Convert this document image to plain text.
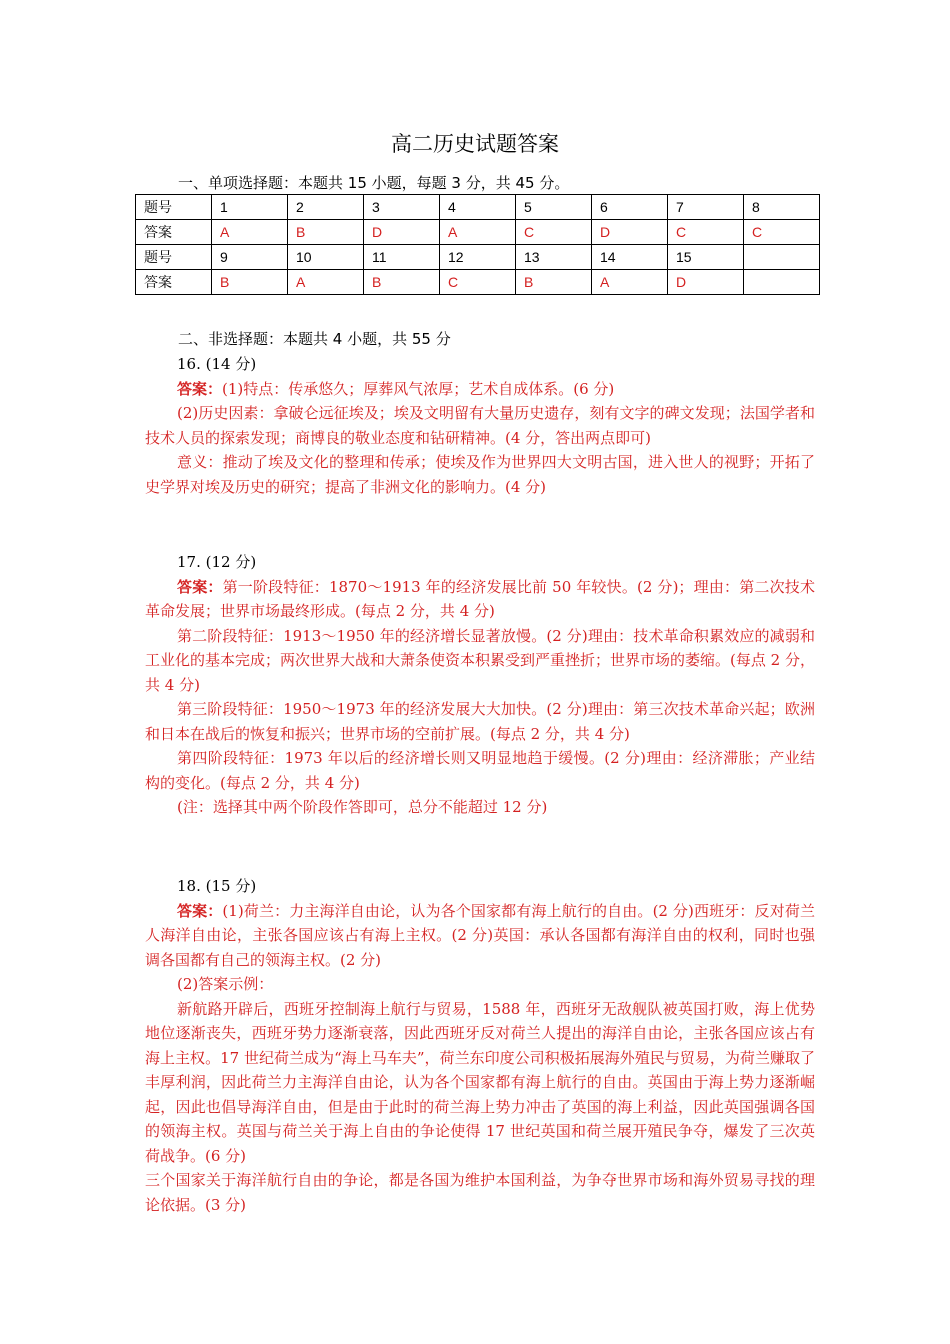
高二历史试题答案
一、单项选择题：本题共 15 小题，每题 3 分，共 45 分。
题号	1	2	3	4	5	6	7	8
答案	A	B	D	A	C	D	C	C
题号	9	10	11	12	13	14	15	
答案	B	A	B	C	B	A	D	
二、非选择题：本题共 4 小题，共 55 分

16. (14 分)

答案：(1)特点：传承悠久；厚葬风气浓厚；艺术自成体系。(6 分)

(2)历史因素：拿破仑远征埃及；埃及文明留有大量历史遗存，刻有文字的碑文发现；法国学者和技术人员的探索发现；商博良的敬业态度和钻研精神。(4 分，答出两点即可)

意义：推动了埃及文化的整理和传承；使埃及作为世界四大文明古国，进入世人的视野；开拓了史学界对埃及历史的研究；提高了非洲文化的影响力。(4 分)

17. (12 分)

答案：第一阶段特征：1870～1913 年的经济发展比前 50 年较快。(2 分)；理由：第二次技术革命发展；世界市场最终形成。(每点 2 分，共 4 分)

第二阶段特征：1913～1950 年的经济增长显著放慢。(2 分)理由：技术革命积累效应的减弱和工业化的基本完成；两次世界大战和大萧条使资本积累受到严重挫折；世界市场的萎缩。(每点 2 分，共 4 分)

第三阶段特征：1950～1973 年的经济发展大大加快。(2 分)理由：第三次技术革命兴起；欧洲和日本在战后的恢复和振兴；世界市场的空前扩展。(每点 2 分，共 4 分)

第四阶段特征：1973 年以后的经济增长则又明显地趋于缓慢。(2 分)理由：经济滞胀；产业结构的变化。(每点 2 分，共 4 分)

(注：选择其中两个阶段作答即可，总分不能超过 12 分)

18. (15 分)

答案：(1)荷兰：力主海洋自由论，认为各个国家都有海上航行的自由。(2 分)西班牙：反对荷兰人海洋自由论，主张各国应该占有海上主权。(2 分)英国：承认各国都有海洋自由的权利，同时也强调各国都有自己的领海主权。(2 分)

(2)答案示例：

新航路开辟后，西班牙控制海上航行与贸易，1588 年，西班牙无敌舰队被英国打败，海上优势地位逐渐丧失，西班牙势力逐渐衰落，因此西班牙反对荷兰人提出的海洋自由论，主张各国应该占有海上主权。17 世纪荷兰成为“海上马车夫”，荷兰东印度公司积极拓展海外殖民与贸易，为荷兰赚取了丰厚利润，因此荷兰力主海洋自由论，认为各个国家都有海上航行的自由。英国由于海上势力逐渐崛起，因此也倡导海洋自由，但是由于此时的荷兰海上势力冲击了英国的海上利益，因此英国强调各国的领海主权。英国与荷兰关于海上自由的争论使得 17 世纪英国和荷兰展开殖民争夺，爆发了三次英荷战争。(6 分)

三个国家关于海洋航行自由的争论，都是各国为维护本国利益，为争夺世界市场和海外贸易寻找的理论依据。(3 分)
